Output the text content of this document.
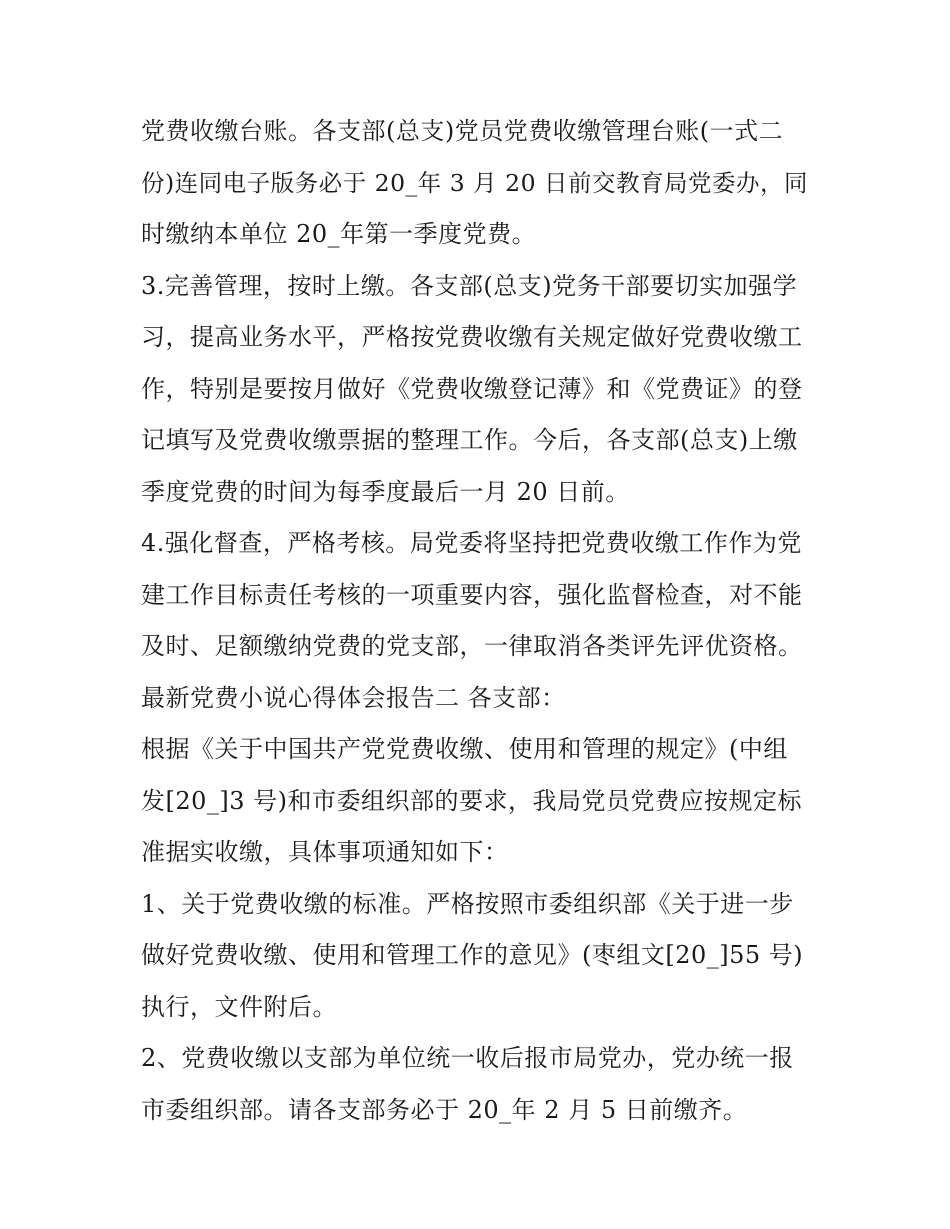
党费收缴台账。各支部(总支)党员党费收缴管理台账(一式二
份)连同电子版务必于 20_年 3 月 20 日前交教育局党委办，同
时缴纳本单位 20_年第一季度党费。
3.完善管理，按时上缴。各支部(总支)党务干部要切实加强学
习，提高业务水平，严格按党费收缴有关规定做好党费收缴工
作，特别是要按月做好《党费收缴登记薄》和《党费证》的登
记填写及党费收缴票据的整理工作。今后，各支部(总支)上缴
季度党费的时间为每季度最后一月 20 日前。
4.强化督查，严格考核。局党委将坚持把党费收缴工作作为党
建工作目标责任考核的一项重要内容，强化监督检查，对不能
及时、足额缴纳党费的党支部，一律取消各类评先评优资格。
最新党费小说心得体会报告二 各支部：
根据《关于中国共产党党费收缴、使用和管理的规定》(中组
发[20_]3 号)和市委组织部的要求，我局党员党费应按规定标
准据实收缴，具体事项通知如下：
1、关于党费收缴的标准。严格按照市委组织部《关于进一步
做好党费收缴、使用和管理工作的意见》(枣组文[20_]55 号)
执行，文件附后。
2、党费收缴以支部为单位统一收后报市局党办，党办统一报
市委组织部。请各支部务必于 20_年 2 月 5 日前缴齐。
